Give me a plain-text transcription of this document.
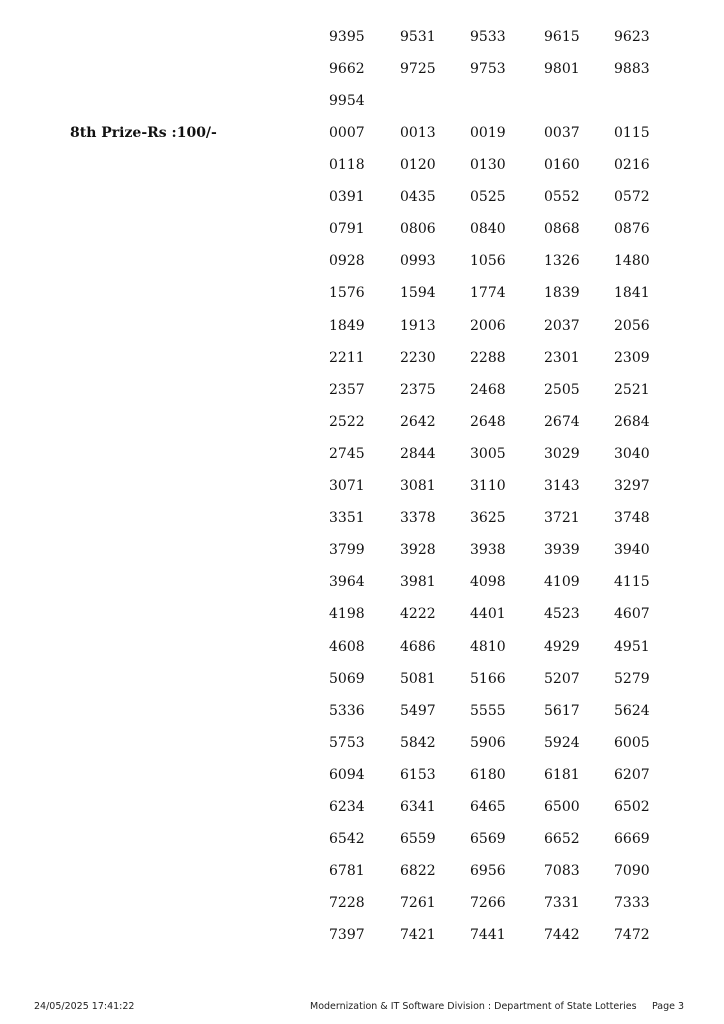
9395	9531 9533	9615 9623
9662	9725 9753	9801 9883
9954
8th Prize-Rs :100/-	0007	0013 0019	0037 0115
0118	0120 0130	0160 0216
0391	0435 0525	0552 0572
0791	0806 0840	0868 0876
0928	0993 1056	1326 1480
1576	1594 1774	1839 1841
1849	1913 2006	2037 2056
2211	2230 2288	2301 2309
2357	2375 2468	2505 2521
2522	2642 2648	2674 2684
2745	2844 3005	3029 3040
3071	3081 3110	3143 3297
3351	3378 3625	3721 3748
3799	3928 3938	3939 3940
3964	3981 4098	4109 4115
4198	4222 4401	4523 4607
4608	4686 4810	4929 4951
5069	5081 5166	5207 5279
5336	5497 5555	5617 5624
5753	5842 5906	5924 6005
6094	6153 6180	6181 6207
6234	6341 6465	6500 6502
6542	6559 6569	6652 6669
6781	6822 6956	7083 7090
7228	7261 7266	7331 7333
7397	7421 7441	7442 7472
24/05/2025 17:41:22	Modernization & IT Software Division : Department of State Lotteries Page 3
